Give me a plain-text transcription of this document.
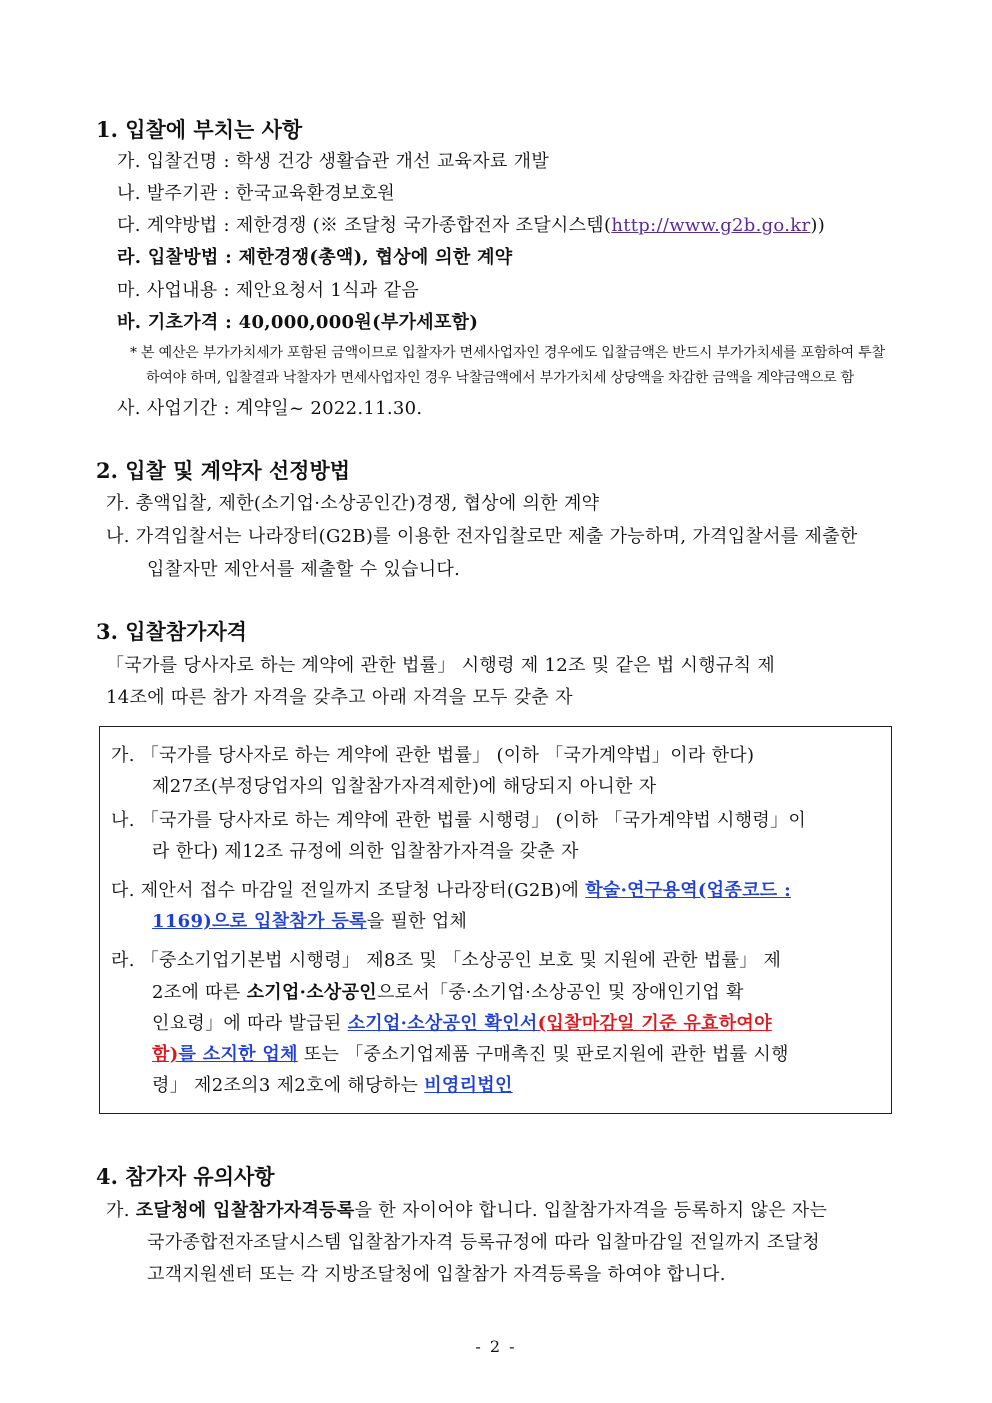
1. 입찰에 부치는 사항
가. 입찰건명 : 학생 건강 생활습관 개선 교육자료 개발
나. 발주기관 : 한국교육환경보호원
다. 계약방법 : 제한경쟁 (※ 조달청 국가종합전자 조달시스템(http://www.g2b.go.kr))
라. 입찰방법 : 제한경쟁(총액), 협상에 의한 계약
마. 사업내용 : 제안요청서 1식과 같음
바. 기초가격 : 40,000,000원(부가세포함)
* 본 예산은 부가가치세가 포함된 금액이므로 입찰자가 면세사업자인 경우에도 입찰금액은 반드시 부가가치세를 포함하여 투찰
하여야 하며, 입찰결과 낙찰자가 면세사업자인 경우 낙찰금액에서 부가가치세 상당액을 차감한 금액을 계약금액으로 함
사. 사업기간 : 계약일~ 2022.11.30.
2. 입찰 및 계약자 선정방법
가. 총액입찰, 제한(소기업·소상공인간)경쟁, 협상에 의한 계약
나. 가격입찰서는 나라장터(G2B)를 이용한 전자입찰로만 제출 가능하며, 가격입찰서를 제출한
입찰자만 제안서를 제출할 수 있습니다.
3. 입찰참가자격
「국가를 당사자로 하는 계약에 관한 법률」 시행령 제 12조 및 같은 법 시행규칙 제
14조에 따른 참가 자격을 갖추고 아래 자격을 모두 갖춘 자
가. 「국가를 당사자로 하는 계약에 관한 법률」 (이하 「국가계약법」이라 한다)
제27조(부정당업자의 입찰참가자격제한)에 해당되지 아니한 자
나. 「국가를 당사자로 하는 계약에 관한 법률 시행령」 (이하 「국가계약법 시행령」이
라 한다) 제12조 규정에 의한 입찰참가자격을 갖춘 자
다. 제안서 접수 마감일 전일까지 조달청 나라장터(G2B)에 학술·연구용역(업종코드 :
1169)으로 입찰참가 등록을 필한 업체
라. 「중소기업기본법 시행령」 제8조 및 「소상공인 보호 및 지원에 관한 법률」 제
2조에 따른 소기업·소상공인으로서「중·소기업·소상공인 및 장애인기업 확
인요령」에 따라 발급된 소기업·소상공인 확인서(입찰마감일 기준 유효하여야
함)를 소지한 업체 또는 「중소기업제품 구매촉진 및 판로지원에 관한 법률 시행
령」 제2조의3 제2호에 해당하는 비영리법인
4. 참가자 유의사항
가. 조달청에 입찰참가자격등록을 한 자이어야 합니다. 입찰참가자격을 등록하지 않은 자는
국가종합전자조달시스템 입찰참가자격 등록규정에 따라 입찰마감일 전일까지 조달청
고객지원센터 또는 각 지방조달청에 입찰참가 자격등록을 하여야 합니다.
- 2 -
